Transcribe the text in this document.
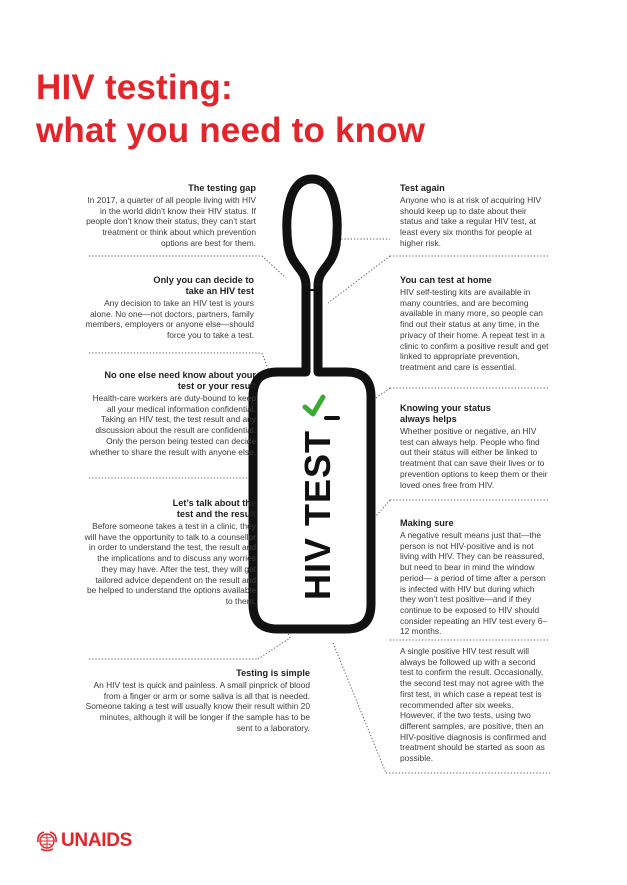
HIV testing:
what you need to know
HIV TEST
The testing gap
In 2017, a quarter of all people living with HIV in the world didn’t know their HIV status. If people don’t know their status, they can’t start treatment or think about which prevention options are best for them.
Only you can decide to take an HIV test
Any decision to take an HIV test is yours alone. No one—not doctors, partners, family members, employers or anyone else—should force you to take a test.
No one else need know about your test or your result
Health-care workers are duty-bound to keep all your medical information confidential. Taking an HIV test, the test result and any discussion about the result are confidential. Only the person being tested can decide whether to share the result with anyone else.
Let’s talk about the test and the result
Before someone takes a test in a clinic, they will have the opportunity to talk to a counsellor in order to understand the test, the result and the implications and to discuss any worries they may have. After the test, they will get tailored advice dependent on the result and be helped to understand the options available to them.
Testing is simple
An HIV test is quick and painless. A small pinprick of blood from a finger or arm or some saliva is all that is needed. Someone taking a test will usually know their result within 20 minutes, although it will be longer if the sample has to be sent to a laboratory.
Test again
Anyone who is at risk of acquiring HIV should keep up to date about their status and take a regular HIV test, at least every six months for people at higher risk.
You can test at home
HIV self-testing kits are available in many countries, and are becoming available in many more, so people can find out their status at any time, in the privacy of their home. A repeat test in a clinic to confirm a positive result and get linked to appropriate prevention, treatment and care is essential.
Knowing your status always helps
Whether positive or negative, an HIV test can always help. People who find out their status will either be linked to treatment that can save their lives or to prevention options to keep them or their loved ones free from HIV.
Making sure
A negative result means just that—the person is not HIV-positive and is not living with HIV. They can be reassured, but need to bear in mind the window period— a period of time after a person is infected with HIV but during which they won’t test positive—and if they continue to be exposed to HIV should consider repeating an HIV test every 6–12 months.
A single positive HIV test result will always be followed up with a second test to confirm the result. Occasionally, the second test may not agree with the first test, in which case a repeat test is recommended after six weeks. However, if the two tests, using two different samples, are positive, then an HIV-positive diagnosis is confirmed and treatment should be started as soon as possible.
UNAIDS
